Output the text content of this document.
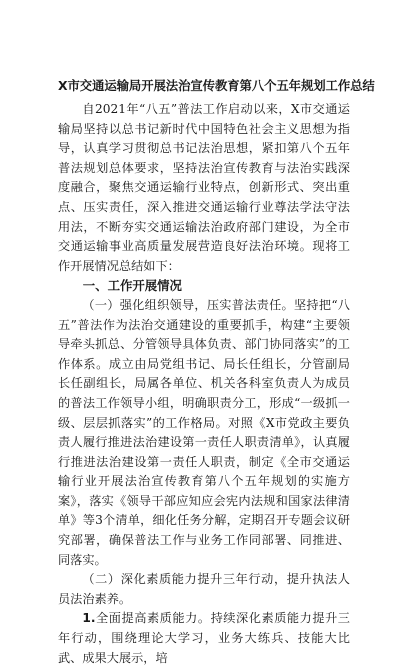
X市交通运输局开展法治宣传教育第八个五年规划工作总结

自2021年“八五”普法工作启动以来，X市交通运输局坚持以总书记新时代中国特色社会主义思想为指导，认真学习贯彻总书记法治思想，紧扣第八个五年普法规划总体要求，坚持法治宣传教育与法治实践深度融合，聚焦交通运输行业特点，创新形式、突出重点、压实责任，深入推进交通运输行业尊法学法守法用法，不断夯实交通运输法治政府部门建设，为全市交通运输事业高质量发展营造良好法治环境。现将工作开展情况总结如下：

一、工作开展情况

（一）强化组织领导，压实普法责任。坚持把“八五”普法作为法治交通建设的重要抓手，构建“主要领导牵头抓总、分管领导具体负责、部门协同落实”的工作体系。成立由局党组书记、局长任组长，分管副局长任副组长，局属各单位、机关各科室负责人为成员的普法工作领导小组，明确职责分工，形成“一级抓一级、层层抓落实”的工作格局。对照《X市党政主要负责人履行推进法治建设第一责任人职责清单》，认真履行推进法治建设第一责任人职责，制定《全市交通运输行业开展法治宣传教育第八个五年规划的实施方案》，落实《领导干部应知应会宪内法规和国家法律清单》等3个清单，细化任务分解，定期召开专题会议研究部署，确保普法工作与业务工作同部署、同推进、同落实。

（二）深化素质能力提升三年行动，提升执法人员法治素养。

1.全面提高素质能力。持续深化素质能力提升三年行动，围绕理论大学习，业务大练兵、技能大比武、成果大展示，培
